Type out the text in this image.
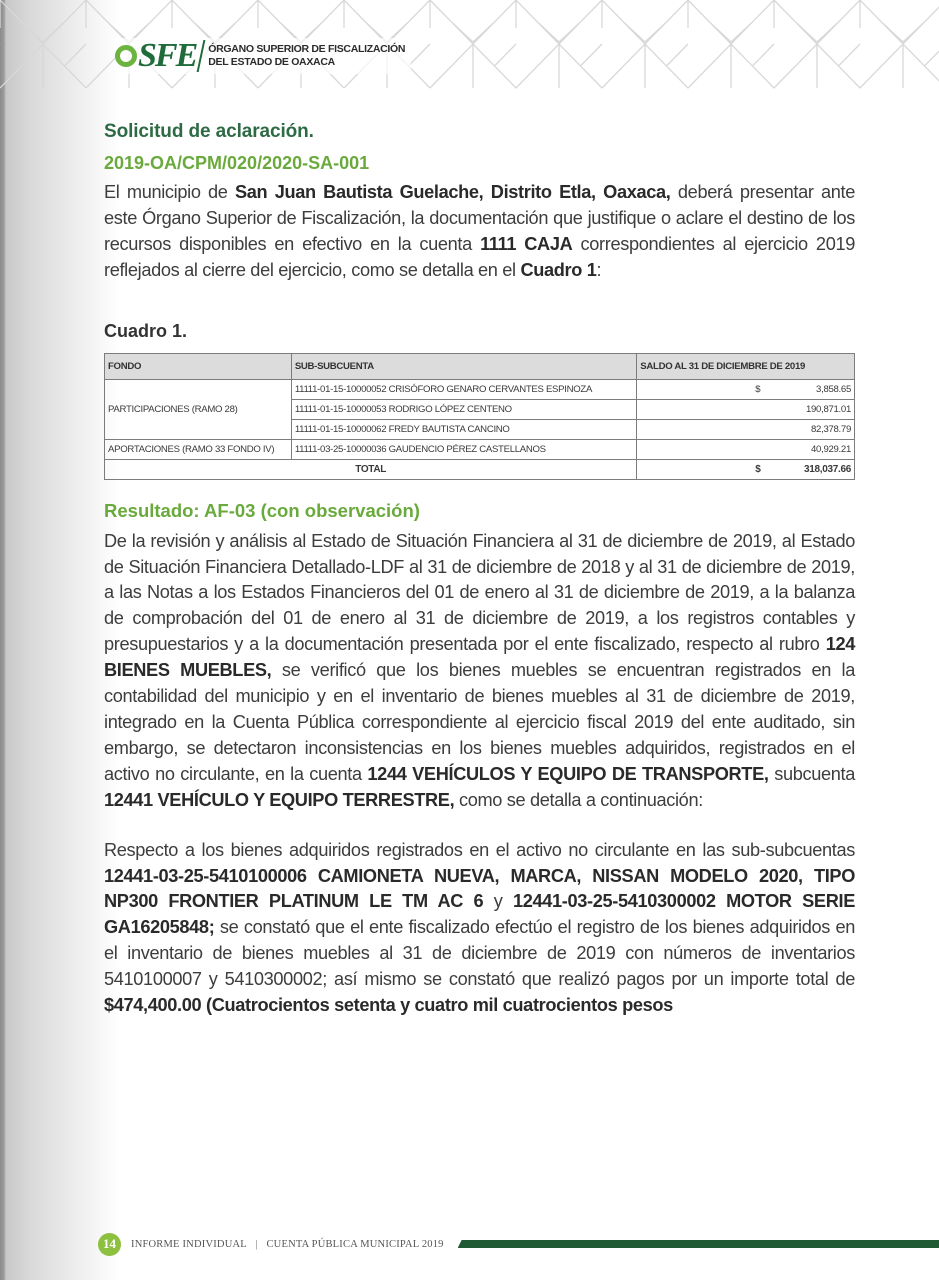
SFE ÓRGANO SUPERIOR DE FISCALIZACIÓN
DEL ESTADO DE OAXACA
Solicitud de aclaración.
2019-OA/CPM/020/2020-SA-001

El municipio de San Juan Bautista Guelache, Distrito Etla, Oaxaca, deberá presentar ante este Órgano Superior de Fiscalización, la documentación que justifique o aclare el destino de los recursos disponibles en efectivo en la cuenta 1111 CAJA correspondientes al ejercicio 2019 reflejados al cierre del ejercicio, como se detalla en el Cuadro 1:

Cuadro 1.
FONDO	SUB-SUBCUENTA	SALDO AL 31 DE DICIEMBRE DE 2019
PARTICIPACIONES (RAMO 28)	11111-01-15-10000052 CRISÓFORO GENARO CERVANTES ESPINOZA	$ 3,858.65
	11111-01-15-10000053 RODRIGO LÓPEZ CENTENO	190,871.01
	11111-01-15-10000062 FREDY BAUTISTA CANCINO	82,378.79
APORTACIONES (RAMO 33 FONDO IV)	11111-03-25-10000036 GAUDENCIO PÉREZ CASTELLANOS	40,929.21
TOTAL		$ 318,037.66
Resultado: AF-03 (con observación)

De la revisión y análisis al Estado de Situación Financiera al 31 de diciembre de 2019, al Estado de Situación Financiera Detallado-LDF al 31 de diciembre de 2018 y al 31 de diciembre de 2019, a las Notas a los Estados Financieros del 01 de enero al 31 de diciembre de 2019, a la balanza de comprobación del 01 de enero al 31 de diciembre de 2019, a los registros contables y presupuestarios y a la documentación presentada por el ente fiscalizado, respecto al rubro 124 BIENES MUEBLES, se verificó que los bienes muebles se encuentran registrados en la contabilidad del municipio y en el inventario de bienes muebles al 31 de diciembre de 2019, integrado en la Cuenta Pública correspondiente al ejercicio fiscal 2019 del ente auditado, sin embargo, se detectaron inconsistencias en los bienes muebles adquiridos, registrados en el activo no circulante, en la cuenta 1244 VEHÍCULOS Y EQUIPO DE TRANSPORTE, subcuenta 12441 VEHÍCULO Y EQUIPO TERRESTRE, como se detalla a continuación:

Respecto a los bienes adquiridos registrados en el activo no circulante en las sub-subcuentas 12441-03-25-5410100006 CAMIONETA NUEVA, MARCA, NISSAN MODELO 2020, TIPO NP300 FRONTIER PLATINUM LE TM AC 6 y 12441-03-25-5410300002 MOTOR SERIE GA16205848; se constató que el ente fiscalizado efectúo el registro de los bienes adquiridos en el inventario de bienes muebles al 31 de diciembre de 2019 con números de inventarios 5410100007 y 5410300002; así mismo se constató que realizó pagos por un importe total de $474,400.00 (Cuatrocientos setenta y cuatro mil cuatrocientos pesos

14	INFORME INDIVIDUAL | CUENTA PÚBLICA MUNICIPAL 2019
